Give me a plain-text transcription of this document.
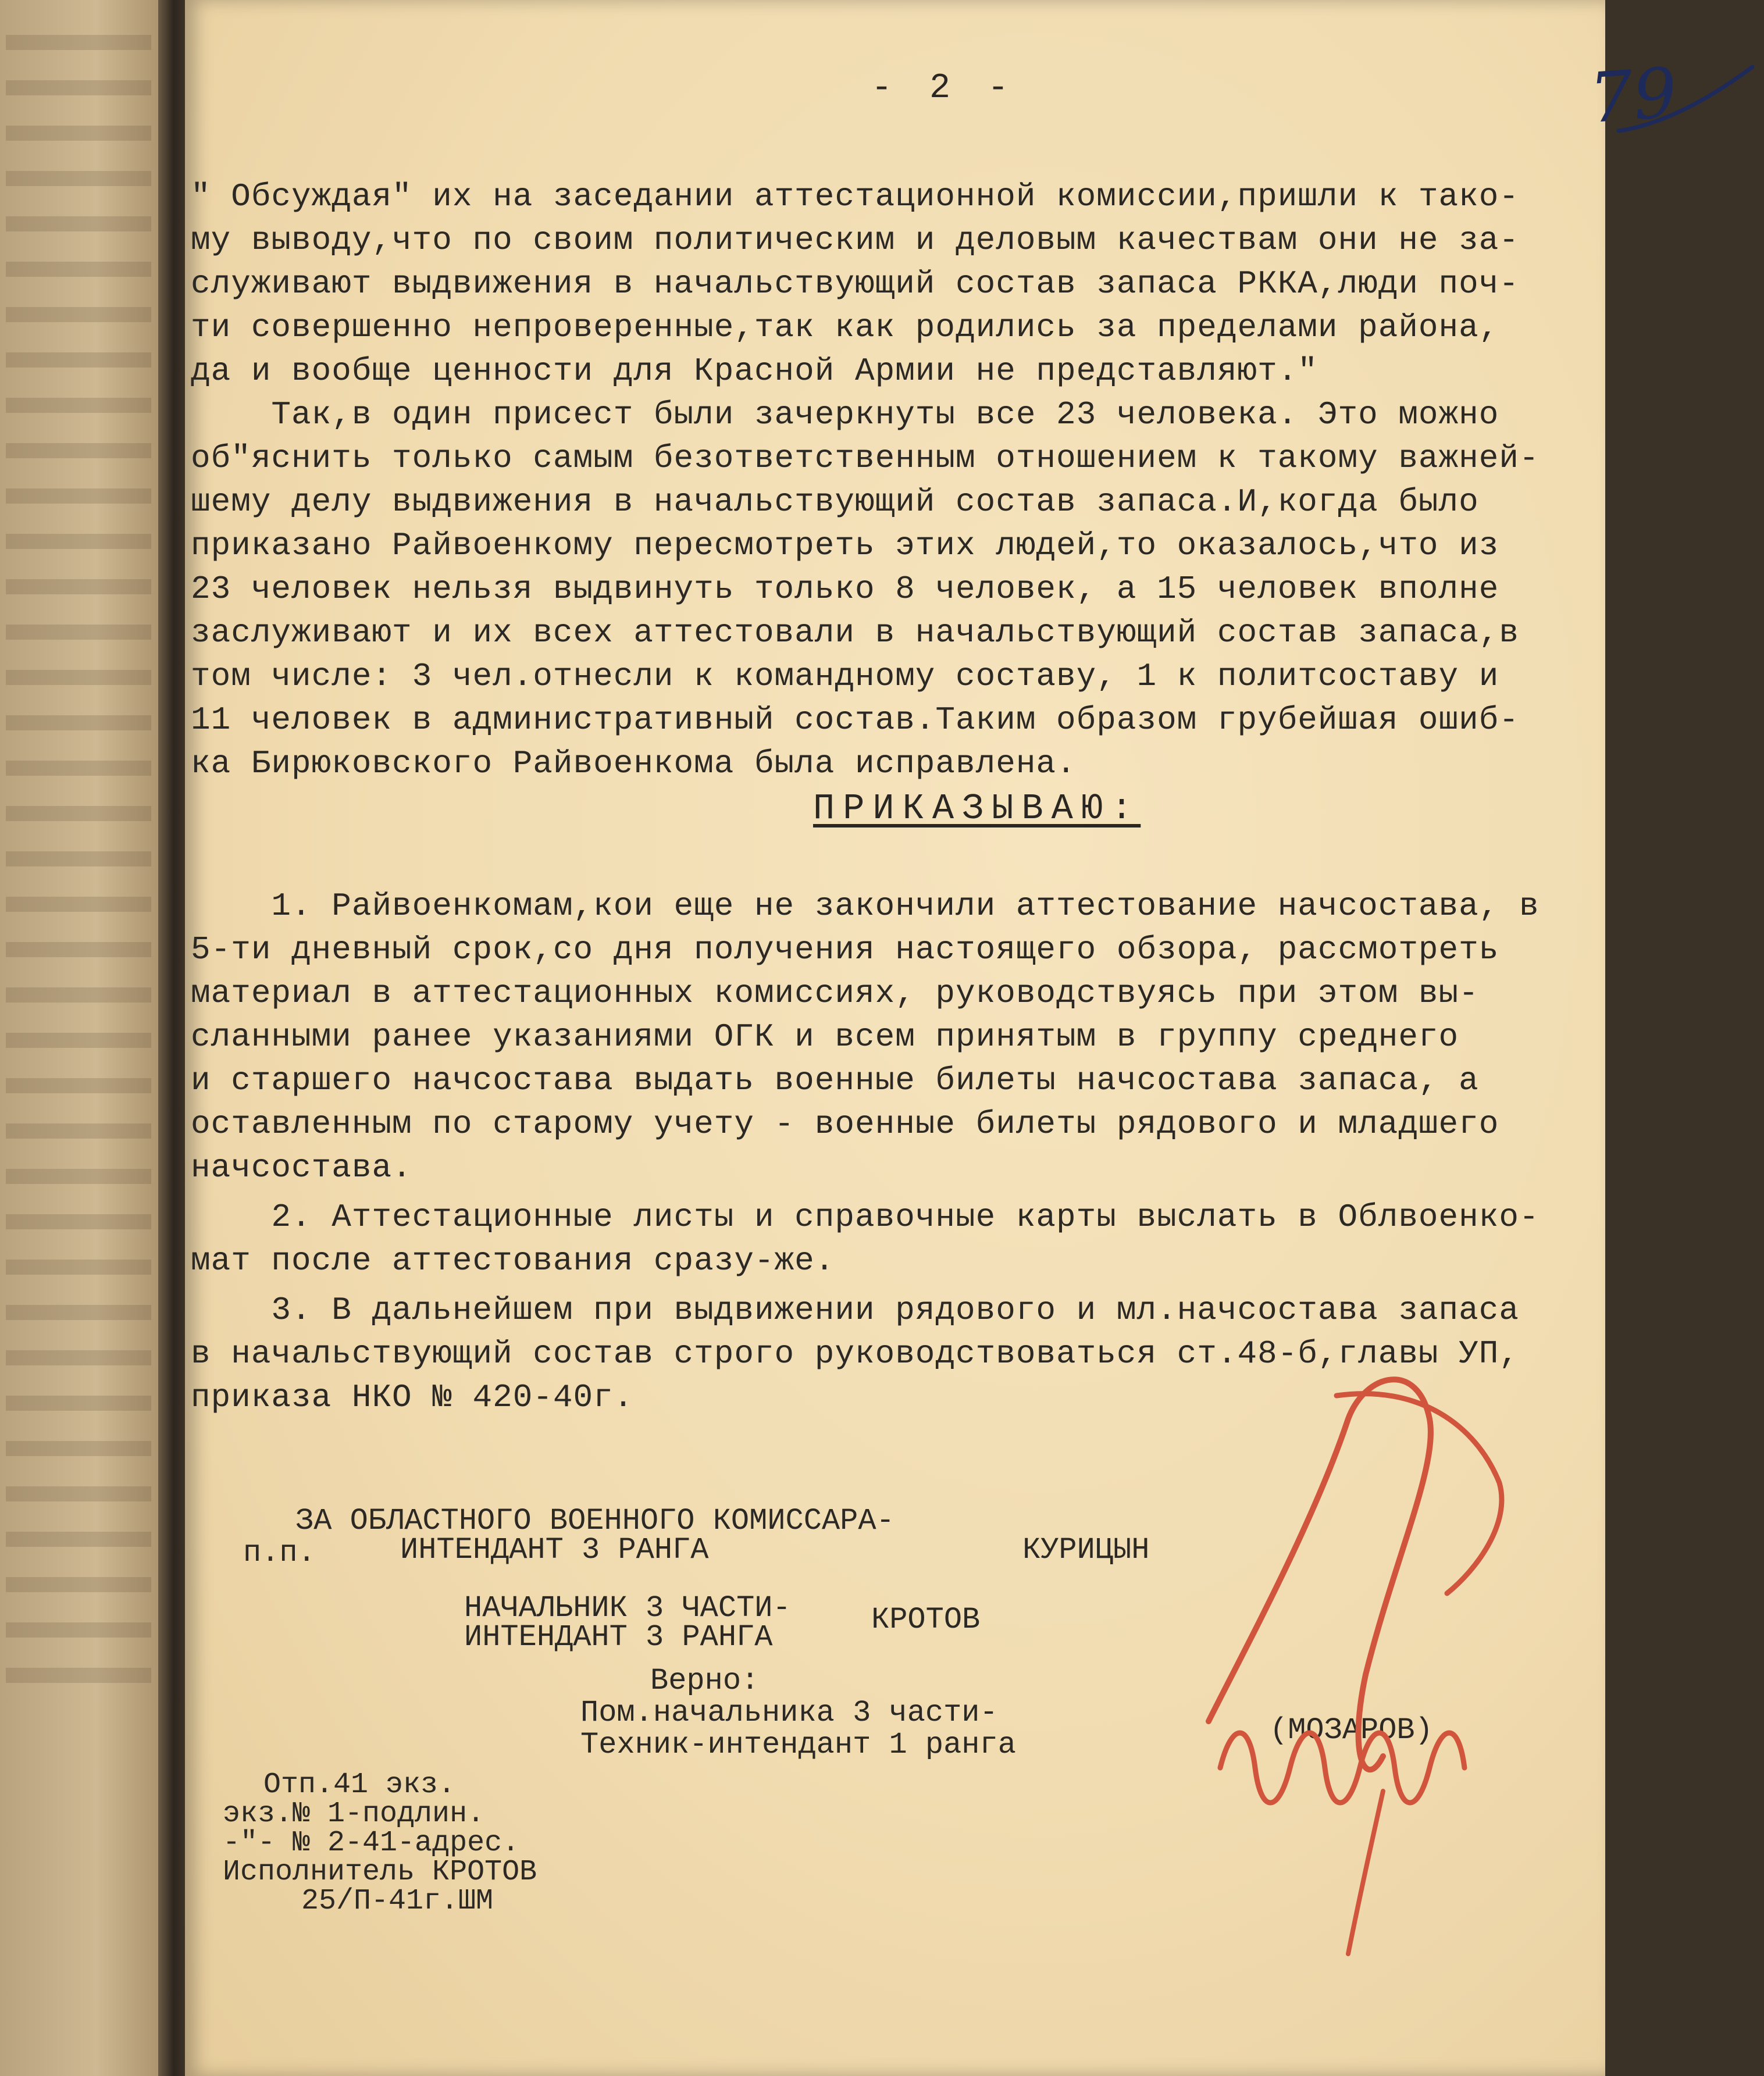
- 2 -	79
" Обсуждая" их на заседании аттестационной комиссии,пришли к тако-
му выводу,что по своим политическим и деловым качествам они не за-
служивают выдвижения в начальствующий состав запаса РККА,люди поч-
ти совершенно непроверенные,так как родились за пределами района,
да и вообще ценности для Красной Армии не представляют."
Так,в один присест были зачеркнуты все 23 человека. Это можно
об"яснить только самым безответственным отношением к такому важней-
шему делу выдвижения в начальствующий состав запаса.И,когда было
приказано Райвоенкому пересмотреть этих людей,то оказалось,что из
23 человек нельзя выдвинуть только 8 человек, а 15 человек вполне
заслуживают и их всех аттестовали в начальствующий состав запаса,в
том числе: 3 чел.отнесли к командному составу, 1 к политсоставу и
11 человек в административный состав.Таким образом грубейшая ошиб-
ка Бирюковского Райвоенкома была исправлена.
ПРИКАЗЫВАЮ:
1. Райвоенкомам,кои еще не закончили аттестование начсостава, в
5-ти дневный срок,со дня получения настоящего обзора, рассмотреть
материал в аттестационных комиссиях, руководствуясь при этом вы-
сланными ранее указаниями ОГК и всем принятым в группу среднего
и старшего начсостава выдать военные билеты начсостава запаса, а
оставленным по старому учету - военные билеты рядового и младшего
начсостава.
2. Аттестационные листы и справочные карты выслать в Облвоенко-
мат после аттестования сразу-же.
3. В дальнейшем при выдвижении рядового и мл.начсостава запаса
в начальствующий состав строго руководствоваться ст.48-б,главы УП,
приказа НКО № 420-40г.
ЗА ОБЛАСТНОГО ВОЕННОГО КОМИССАРА-
п.п.	ИНТЕНДАНТ 3 РАНГА	КУРИЦЫН
НАЧАЛЬНИК 3 ЧАСТИ-
ИНТЕНДАНТ 3 РАНГА
КРОТОВ
Верно:
Пом.начальника 3 части-
Техник-интендант 1 ранга	(МОЗАРОВ)
Отп.41 экз.
экз.№ 1-подлин.
-"- № 2-41-адрес.
Исполнитель КРОТОВ
25/П-41г.ШМ
